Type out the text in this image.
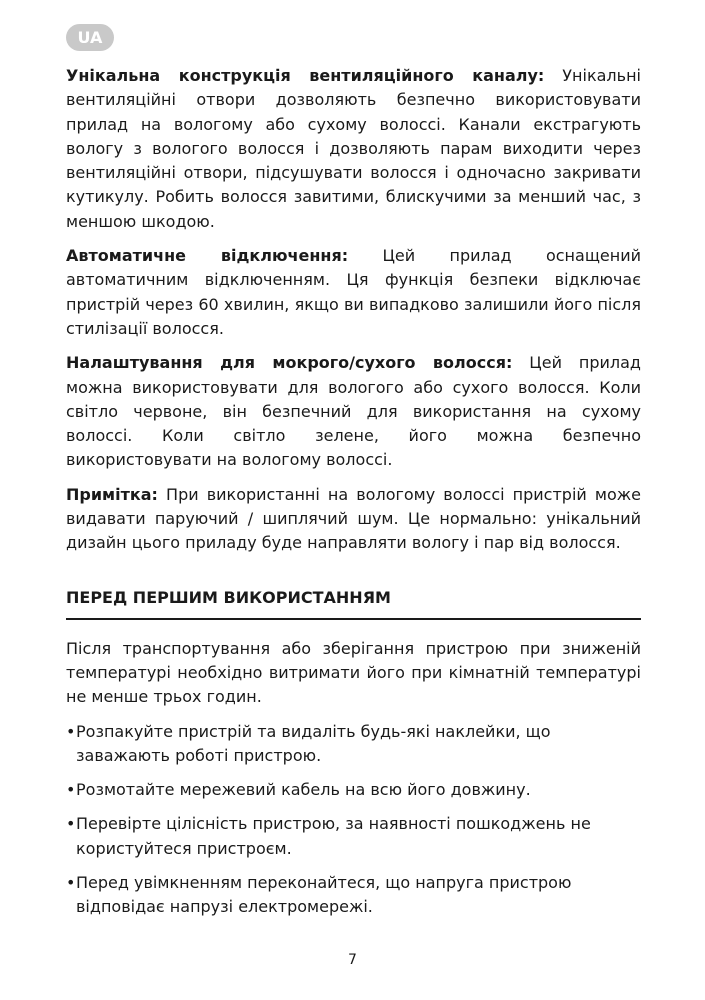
UA

Унікальна конструкція вентиляційного каналу: Унікальні вентиляційні отвори дозволяють безпечно використовувати прилад на вологому або сухому волоссі. Канали екстрагують вологу з вологого волосся і дозволяють парам виходити через вентиляційні отвори, підсушувати волосся і одночасно закривати кутикулу. Робить волосся завитими, блискучими за менший час, з меншою шкодою.

Автоматичне відключення: Цей прилад оснащений автоматичним відключенням. Ця функція безпеки відключає пристрій через 60 хвилин, якщо ви випадково залишили його після стилізації волосся.

Налаштування для мокрого/сухого волосся: Цей прилад можна використовувати для вологого або сухого волосся. Коли світло червоне, він безпечний для використання на сухому волоссі. Коли світло зелене, його можна безпечно використовувати на вологому волоссі.

Примітка: При використанні на вологому волоссі пристрій може видавати паруючий / шиплячий шум. Це нормально: унікальний дизайн цього приладу буде направляти вологу і пар від волосся.

ПЕРЕД ПЕРШИМ ВИКОРИСТАННЯМ

Після транспортування або зберігання пристрою при зниженій температурі необхідно витримати його при кімнатній температурі не менше трьох годин.

• Розпакуйте пристрій та видаліть будь-які наклейки, що заважають роботі пристрою.
• Розмотайте мережевий кабель на всю його довжину.
• Перевірте цілісність пристрою, за наявності пошкоджень не користуйтеся пристроєм.
• Перед увімкненням переконайтеся, що напруга пристрою відповідає напрузі електромережі.
7
